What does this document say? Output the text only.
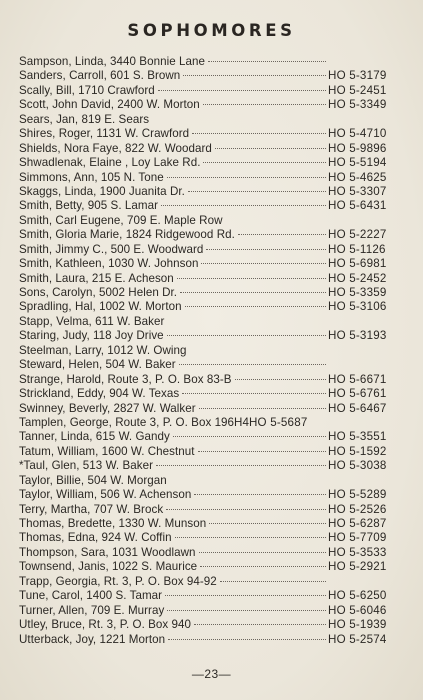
SOPHOMORES
Sampson, Linda, 3440 Bonnie Lane
Sanders, Carroll, 601 S. Brown	HO 5-3179
Scally, Bill, 1710 Crawford	HO 5-2451
Scott, John David, 2400 W. Morton	HO 5-3349
Sears, Jan, 819 E. Sears
Shires, Roger, 1131 W. Crawford	HO 5-4710
Shields, Nora Faye, 822 W. Woodard	HO 5-9896
Shwadlenak, Elaine , Loy Lake Rd.	HO 5-5194
Simmons, Ann, 105 N. Tone	HO 5-4625
Skaggs, Linda, 1900 Juanita Dr.	HO 5-3307
Smith, Betty, 905 S. Lamar	HO 5-6431
Smith, Carl Eugene, 709 E. Maple Row
Smith, Gloria Marie, 1824 Ridgewood Rd.	HO 5-2227
Smith, Jimmy C., 500 E. Woodward	HO 5-1126
Smith, Kathleen, 1030 W. Johnson	HO 5-6981
Smith, Laura, 215 E. Acheson	HO 5-2452
Sons, Carolyn, 5002 Helen Dr.	HO 5-3359
Spradling, Hal, 1002 W. Morton	HO 5-3106
Stapp, Velma, 611 W. Baker
Staring, Judy, 118 Joy Drive	HO 5-3193
Steelman, Larry, 1012 W. Owing
Steward, Helen, 504 W. Baker
Strange, Harold, Route 3, P. O. Box 83-B	HO 5-6671
Strickland, Eddy, 904 W. Texas	HO 5-6761
Swinney, Beverly, 2827 W. Walker	HO 5-6467
Tamplen, George, Route 3, P. O. Box 196H4 HO 5-5687
Tanner, Linda, 615 W. Gandy	HO 5-3551
Tatum, William, 1600 W. Chestnut	HO 5-1592
*Taul, Glen, 513 W. Baker	HO 5-3038
Taylor, Billie, 504 W. Morgan
Taylor, William, 506 W. Achenson	HO 5-5289
Terry, Martha, 707 W. Brock	HO 5-2526
Thomas, Bredette, 1330 W. Munson	HO 5-6287
Thomas, Edna, 924 W. Coffin	HO 5-7709
Thompson, Sara, 1031 Woodlawn	HO 5-3533
Townsend, Janis, 1022 S. Maurice	HO 5-2921
Trapp, Georgia, Rt. 3, P. O. Box 94-92
Tune, Carol, 1400 S. Tamar	HO 5-6250
Turner, Allen, 709 E. Murray	HO 5-6046
Utley, Bruce, Rt. 3, P. O. Box 940	HO 5-1939
Utterback, Joy, 1221 Morton	HO 5-2574
—23—
